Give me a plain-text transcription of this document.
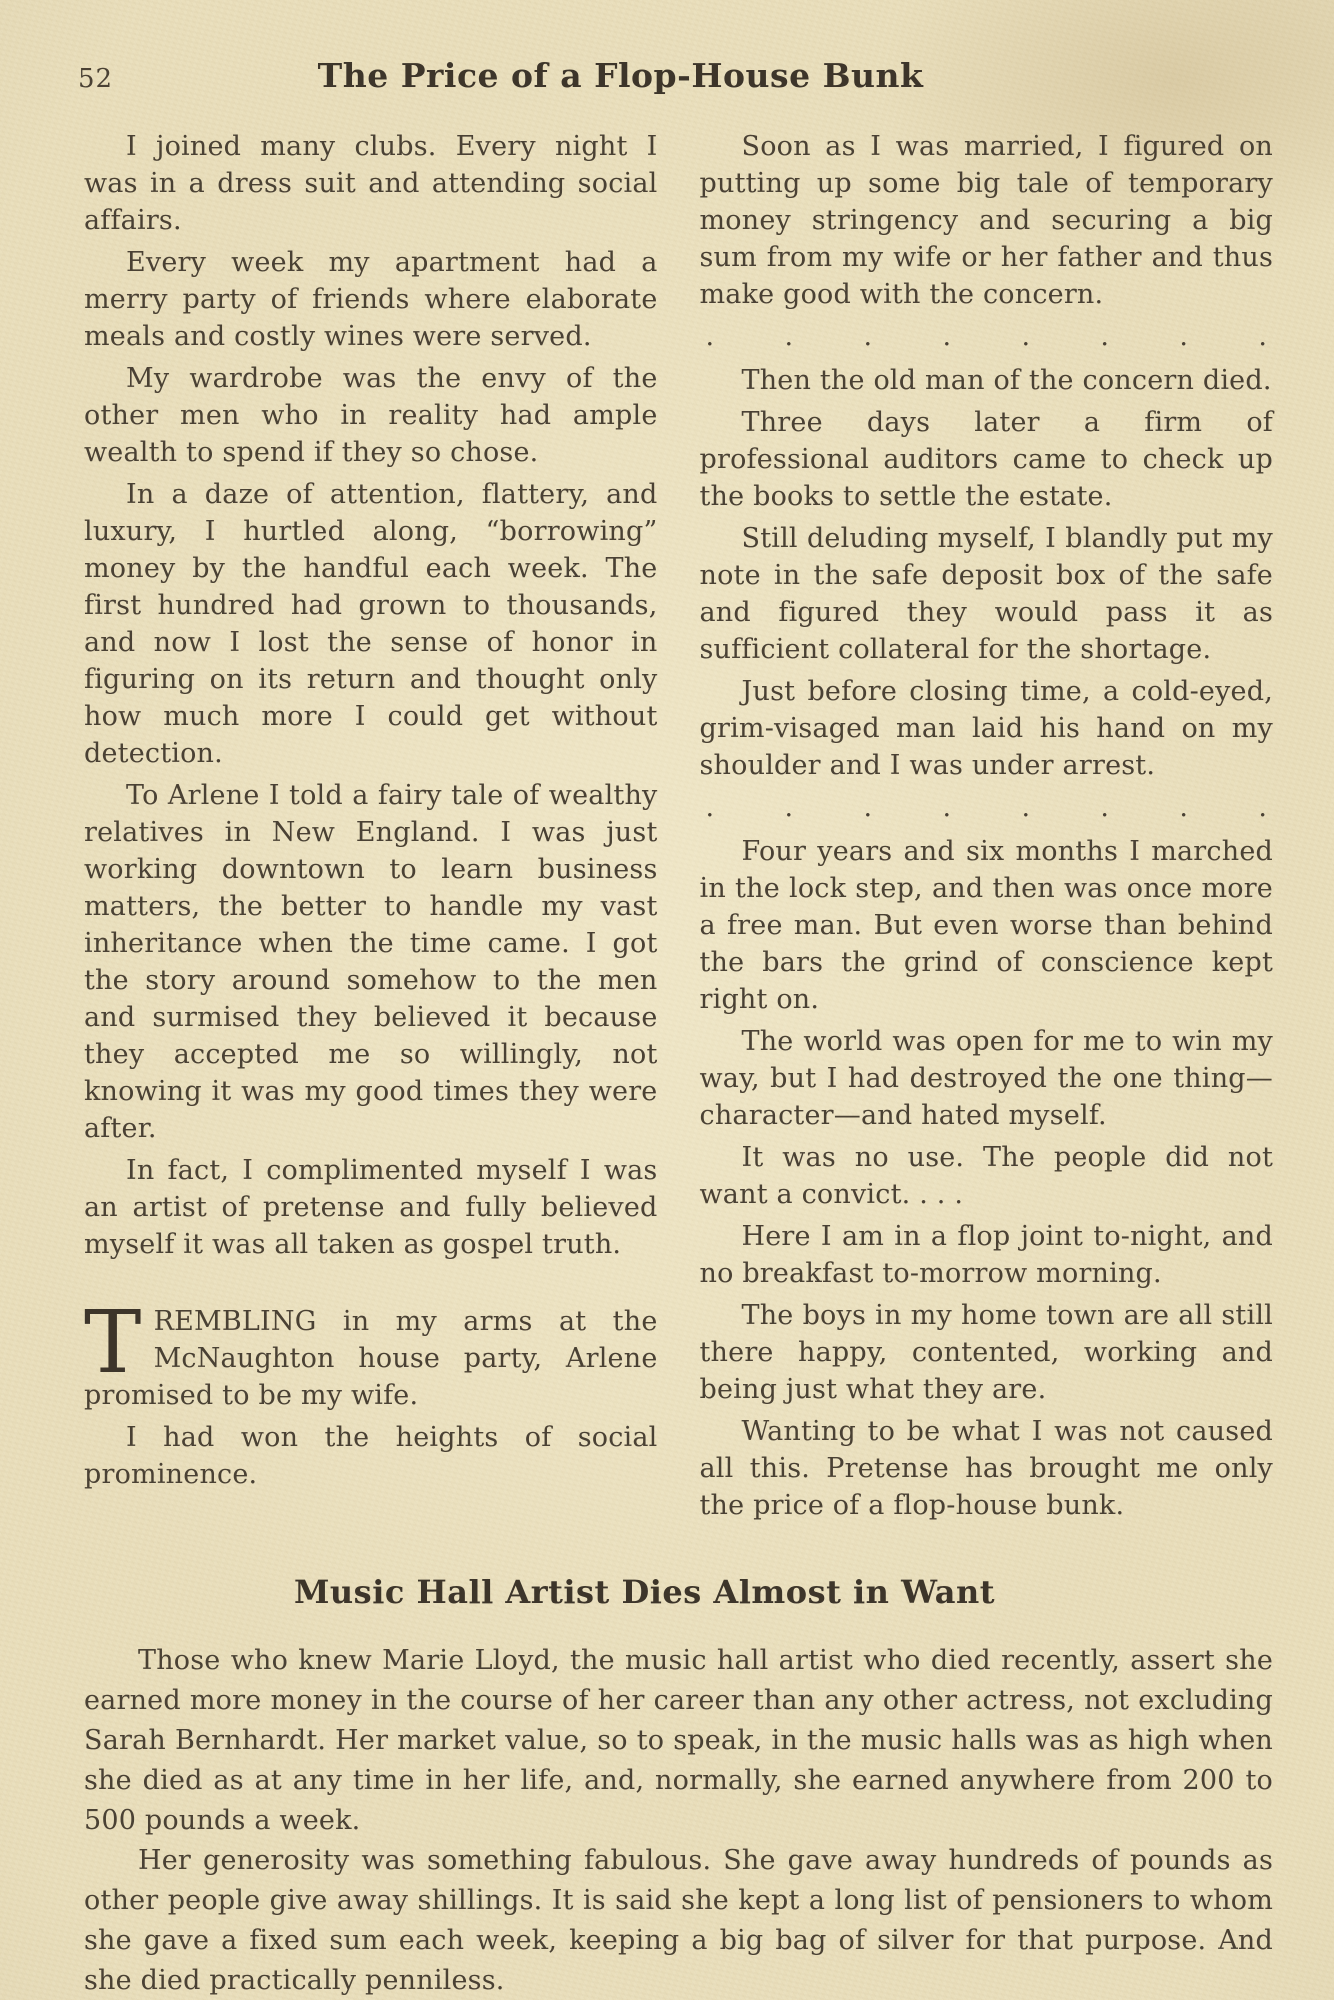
52	The Price of a Flop-House Bunk

I joined many clubs. Every night I was in a dress suit and attending social affairs.

Every week my apartment had a merry party of friends where elaborate meals and costly wines were served.

My wardrobe was the envy of the other men who in reality had ample wealth to spend if they so chose.

In a daze of attention, flattery, and luxury, I hurtled along, “borrowing” money by the handful each week. The first hundred had grown to thousands, and now I lost the sense of honor in figuring on its return and thought only how much more I could get without detection.

To Arlene I told a fairy tale of wealthy relatives in New England. I was just working downtown to learn business matters, the better to handle my vast inheritance when the time came. I got the story around somehow to the men and surmised they believed it because they accepted me so willingly, not knowing it was my good times they were after.

In fact, I complimented myself I was an artist of pretense and fully believed myself it was all taken as gospel truth.

TREMBLING in my arms at the McNaughton house party, Arlene promised to be my wife.

I had won the heights of social prominence.

Soon as I was married, I figured on putting up some big tale of temporary money stringency and securing a big sum from my wife or her father and thus make good with the concern.

. . . . . . . .

Then the old man of the concern died.

Three days later a firm of professional auditors came to check up the books to settle the estate.

Still deluding myself, I blandly put my note in the safe deposit box of the safe and figured they would pass it as sufficient collateral for the shortage.

Just before closing time, a cold-eyed, grim-visaged man laid his hand on my shoulder and I was under arrest.

. . . . . . . .

Four years and six months I marched in the lock step, and then was once more a free man. But even worse than behind the bars the grind of conscience kept right on.

The world was open for me to win my way, but I had destroyed the one thing—character—and hated myself.

It was no use. The people did not want a convict. . . .

Here I am in a flop joint to-night, and no breakfast to-morrow morning.

The boys in my home town are all still there happy, contented, working and being just what they are.

Wanting to be what I was not caused all this. Pretense has brought me only the price of a flop-house bunk.

Music Hall Artist Dies Almost in Want

Those who knew Marie Lloyd, the music hall artist who died recently, assert she earned more money in the course of her career than any other actress, not excluding Sarah Bernhardt. Her market value, so to speak, in the music halls was as high when she died as at any time in her life, and, normally, she earned anywhere from 200 to 500 pounds a week.

Her generosity was something fabulous. She gave away hundreds of pounds as other people give away shillings. It is said she kept a long list of pensioners to whom she gave a fixed sum each week, keeping a big bag of silver for that purpose. And she died practically penniless.
